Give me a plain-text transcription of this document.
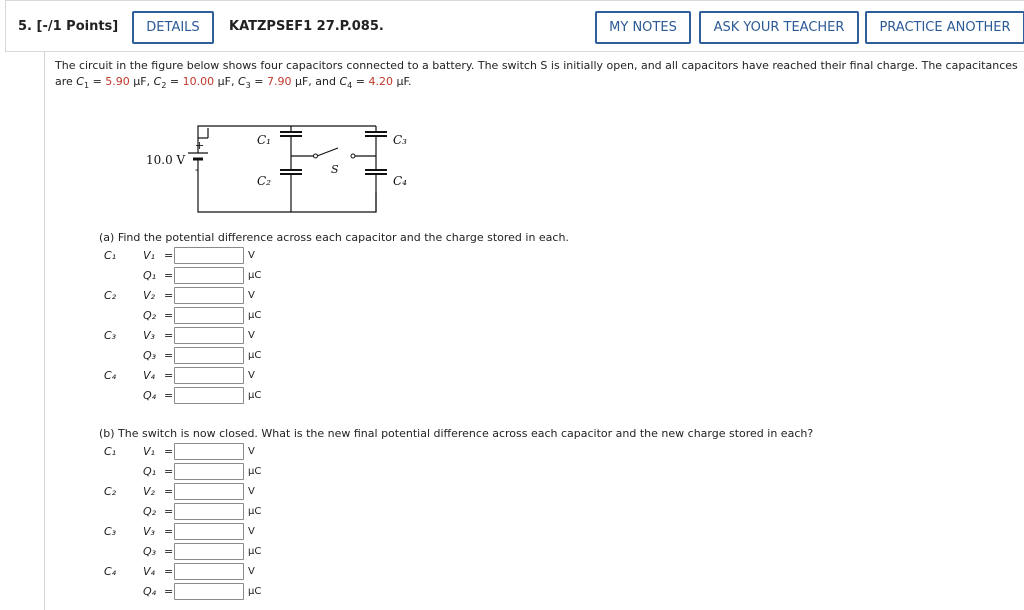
5. [-/1 Points]	DETAILS	KATZPSEF1 27.P.085.	MY NOTES	ASK YOUR TEACHER	PRACTICE ANOTHER
The circuit in the figure below shows four capacitors connected to a battery. The switch S is initially open, and all capacitors have reached their final charge. The capacitances are $C_1 = 5.90$ μF, $C_2 = 10.00$ μF, $C_3 = 7.90$ μF, and $C_4 = 4.20$ μF.
+
-
10.0 V
C₁
C₂
C₃
C₄
S
(a) Find the potential difference across each capacitor and the charge stored in each.
C₁ V₁ =	V
Q₁ =	μC
C₂ V₂ =	V
Q₂ =	μC
C₃ V₃ =	V
Q₃ =	μC
C₄ V₄ =	V
Q₄ =	μC
(b) The switch is now closed. What is the new final potential difference across each capacitor and the new charge stored in each?
C₁ V₁ =	V
Q₁ =	μC
C₂ V₂ =	V
Q₂ =	μC
C₃ V₃ =	V
Q₃ =	μC
C₄ V₄ =	V
Q₄ =	μC
